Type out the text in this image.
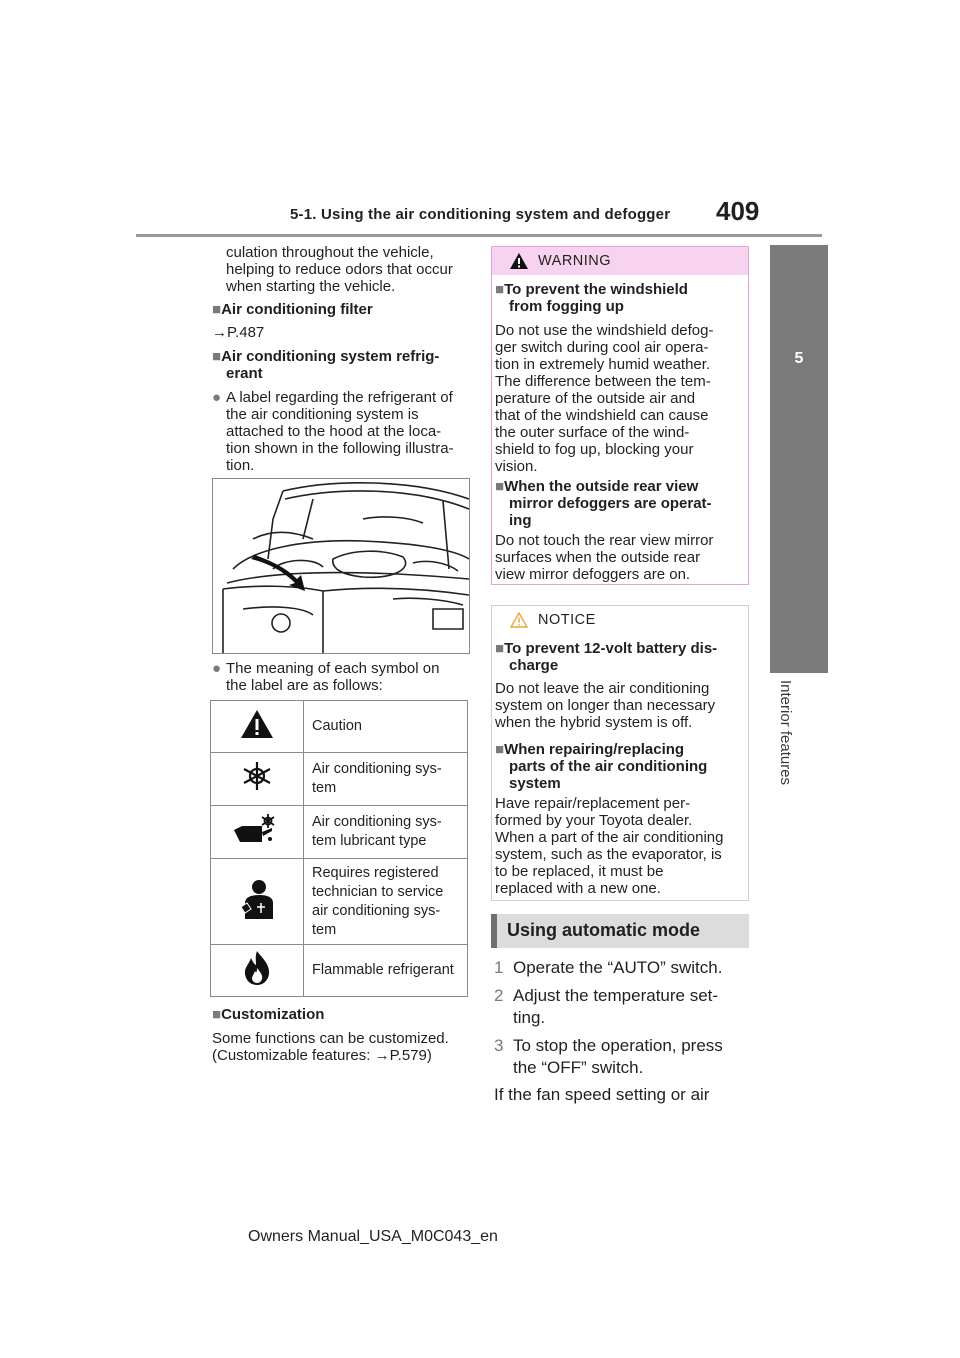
5-1. Using the air conditioning system and defogger 409
5
Interior features
culation throughout the vehicle,
helping to reduce odors that occur
when starting the vehicle.
■Air conditioning filter
→P.487
■Air conditioning system refrig-
erant
● A label regarding the refrigerant of
the air conditioning system is
attached to the hood at the loca-
tion shown in the following illustra-
tion.
● The meaning of each symbol on
the label are as follows:

Caution

Air conditioning sys-
tem

Air conditioning sys-
tem lubricant type

Requires registered
technician to service
air conditioning sys-
tem

Flammable refrigerant
■Customization
Some functions can be customized.
(Customizable features: →P.579)
WARNING
■To prevent the windshield
from fogging up
Do not use the windshield defog-
ger switch during cool air opera-
tion in extremely humid weather.
The difference between the tem-
perature of the outside air and
that of the windshield can cause
the outer surface of the wind-
shield to fog up, blocking your
vision.
■When the outside rear view
mirror defoggers are operat-
ing
Do not touch the rear view mirror
surfaces when the outside rear
view mirror defoggers are on.
NOTICE
■To prevent 12-volt battery dis-
charge
Do not leave the air conditioning
system on longer than necessary
when the hybrid system is off.
■When repairing/replacing
parts of the air conditioning
system
Have repair/replacement per-
formed by your Toyota dealer.
When a part of the air conditioning
system, such as the evaporator, is
to be replaced, it must be
replaced with a new one.
Using automatic mode
1 Operate the “AUTO” switch.
2 Adjust the temperature set-
ting.
3 To stop the operation, press
the “OFF” switch.
If the fan speed setting or air
Owners Manual_USA_M0C043_en
